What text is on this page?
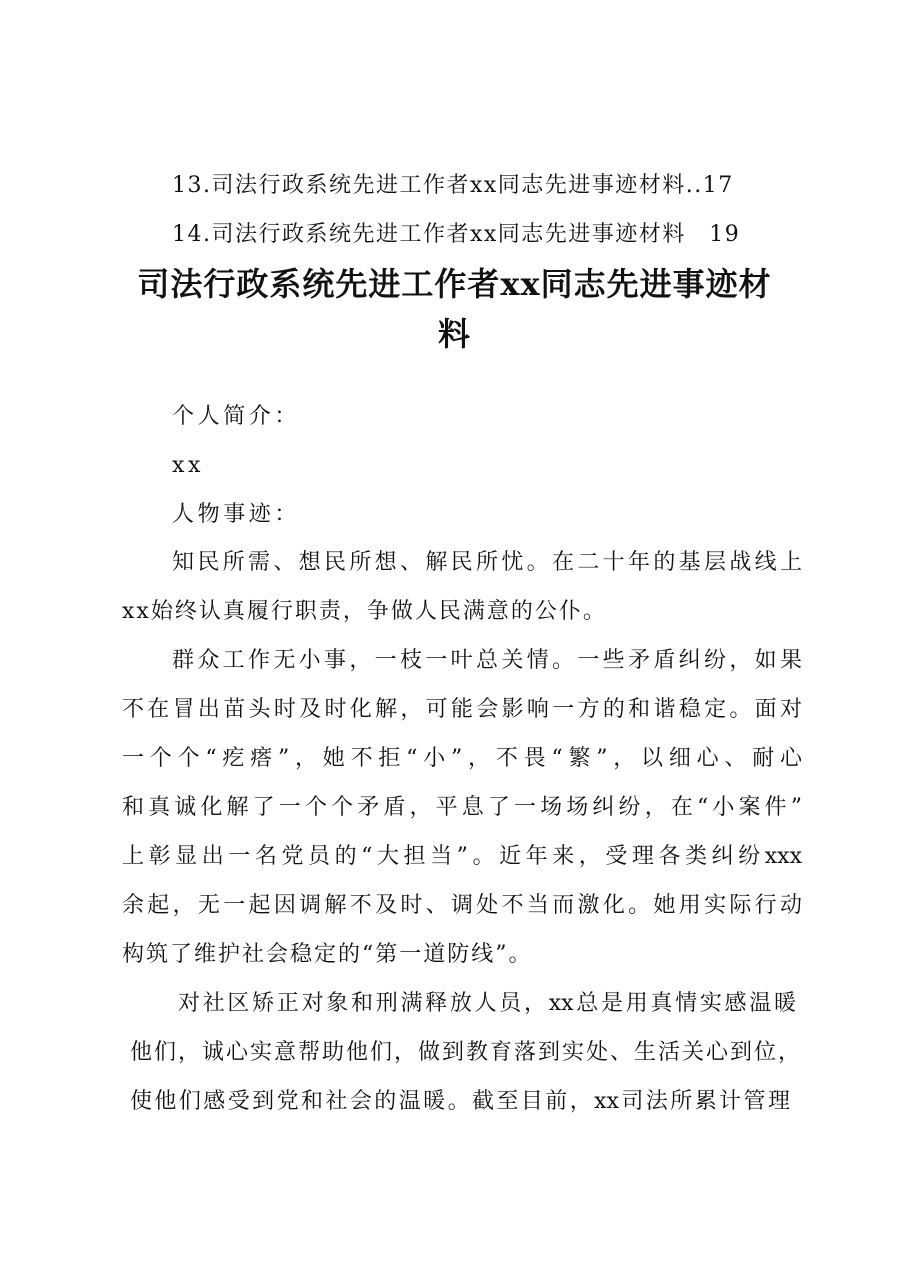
13.司法行政系统先进工作者xx同志先进事迹材料..17
14.司法行政系统先进工作者xx同志先进事迹材料　19
司法行政系统先进工作者xx同志先进事迹材
料
个人简介：
xx
人物事迹：
知民所需、想民所想、解民所忧。在二十年的基层战线上
xx始终认真履行职责，争做人民满意的公仆。
群众工作无小事，一枝一叶总关情。一些矛盾纠纷，如果
不在冒出苗头时及时化解，可能会影响一方的和谐稳定。面对
一个个“疙瘩”，她不拒“小”，不畏“繁”，以细心、耐心
和真诚化解了一个个矛盾，平息了一场场纠纷，在“小案件”
上彰显出一名党员的“大担当”。近年来，受理各类纠纷xxx
余起，无一起因调解不及时、调处不当而激化。她用实际行动
构筑了维护社会稳定的“第一道防线”。
对社区矫正对象和刑满释放人员，xx总是用真情实感温暖
他们，诚心实意帮助他们，做到教育落到实处、生活关心到位，
使他们感受到党和社会的温暖。截至目前，xx司法所累计管理
